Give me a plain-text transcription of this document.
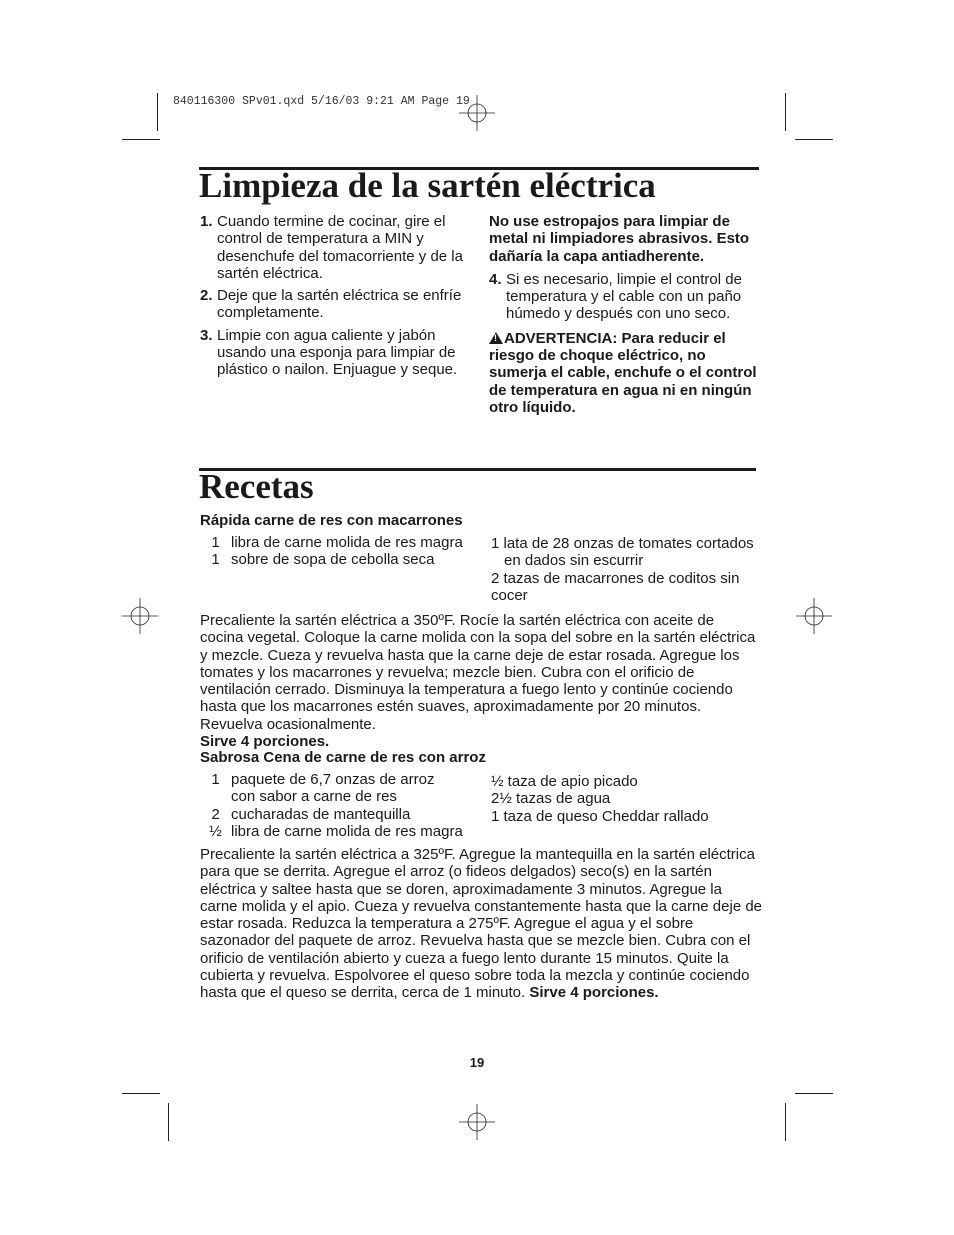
840116300 SPv01.qxd 5/16/03 9:21 AM Page 19
Limpieza de la sartén eléctrica
1. Cuando termine de cocinar, gire el control de temperatura a MIN y desenchufe del tomacorriente y de la sartén eléctrica.
2. Deje que la sartén eléctrica se enfríe completamente.
3. Limpie con agua caliente y jabón usando una esponja para limpiar de plástico o nailon. Enjuague y seque.
No use estropajos para limpiar de metal ni limpiadores abrasivos. Esto dañaría la capa antiadherente.
4. Si es necesario, limpie el control de temperatura y el cable con un paño húmedo y después con uno seco.
!ADVERTENCIA: Para reducir el riesgo de choque eléctrico, no sumerja el cable, enchufe o el control de temperatura en agua ni en ningún otro líquido.
Recetas
Rápida carne de res con macarrones
1 libra de carne molida de res magra
1 sobre de sopa de cebolla seca
1 lata de 28 onzas de tomates cortados en dados sin escurrir
2 tazas de macarrones de coditos sin cocer
Precaliente la sartén eléctrica a 350ºF. Rocíe la sartén eléctrica con aceite de cocina vegetal. Coloque la carne molida con la sopa del sobre en la sartén eléctrica y mezcle. Cueza y revuelva hasta que la carne deje de estar rosada. Agregue los tomates y los macarrones y revuelva; mezcle bien. Cubra con el orificio de ventilación cerrado. Disminuya la temperatura a fuego lento y continúe cociendo hasta que los macarrones estén suaves, aproximadamente por 20 minutos. Revuelva ocasionalmente.
Sirve 4 porciones.
Sabrosa Cena de carne de res con arroz
1 paquete de 6,7 onzas de arroz con sabor a carne de res
2 cucharadas de mantequilla
½ libra de carne molida de res magra
½ taza de apio picado
2½ tazas de agua
1 taza de queso Cheddar rallado
Precaliente la sartén eléctrica a 325ºF. Agregue la mantequilla en la sartén eléctrica para que se derrita. Agregue el arroz (o fideos delgados) seco(s) en la sartén eléctrica y saltee hasta que se doren, aproximadamente 3 minutos. Agregue la carne molida y el apio. Cueza y revuelva constantemente hasta que la carne deje de estar rosada. Reduzca la temperatura a 275ºF. Agregue el agua y el sobre sazonador del paquete de arroz. Revuelva hasta que se mezcle bien. Cubra con el orificio de ventilación abierto y cueza a fuego lento durante 15 minutos. Quite la cubierta y revuelva. Espolvoree el queso sobre toda la mezcla y continúe cociendo hasta que el queso se derrita, cerca de 1 minuto. Sirve 4 porciones.
19
